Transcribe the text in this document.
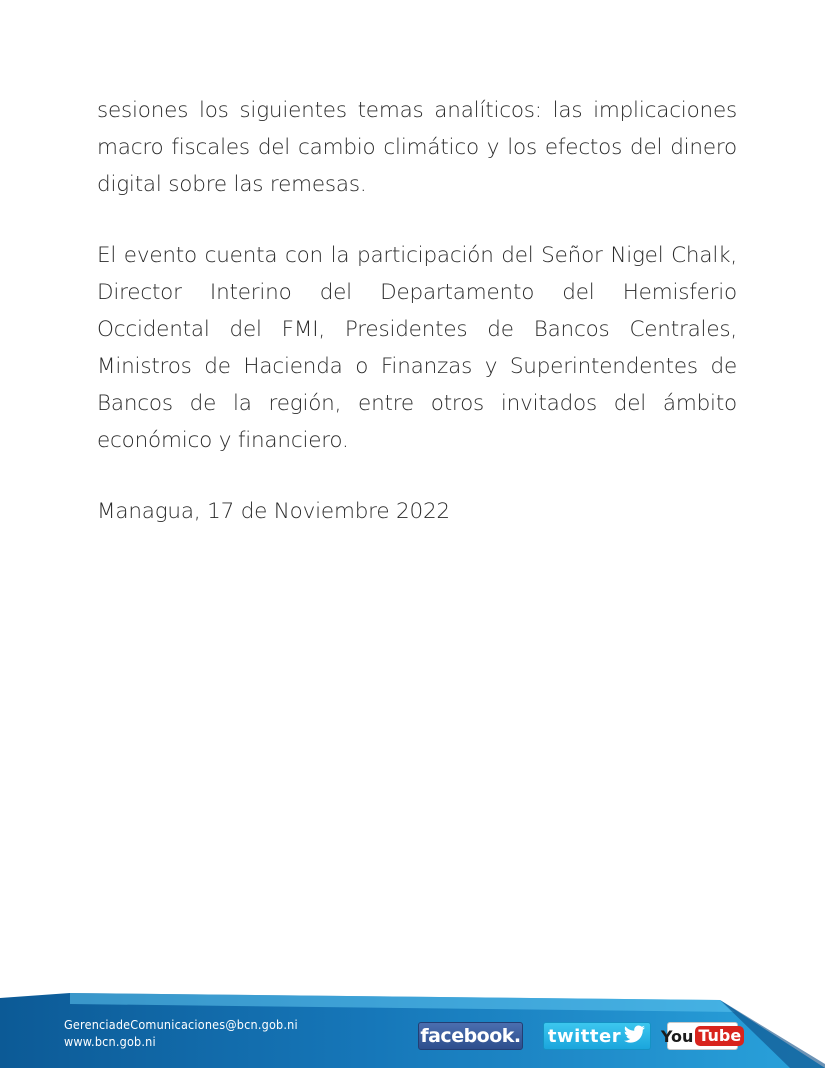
sesiones los siguientes temas analíticos: las implicaciones macro fiscales del cambio climático y los efectos del dinero digital sobre las remesas.

El evento cuenta con la participación del Señor Nigel Chalk, Director Interino del Departamento del Hemisferio Occidental del FMI, Presidentes de Bancos Centrales, Ministros de Hacienda o Finanzas y Superintendentes de Bancos de la región, entre otros invitados del ámbito económico y financiero.

Managua, 17 de Noviembre 2022

GerenciadeComunicaciones@bcn.gob.ni
www.bcn.gob.ni	facebook. twitter You Tube
